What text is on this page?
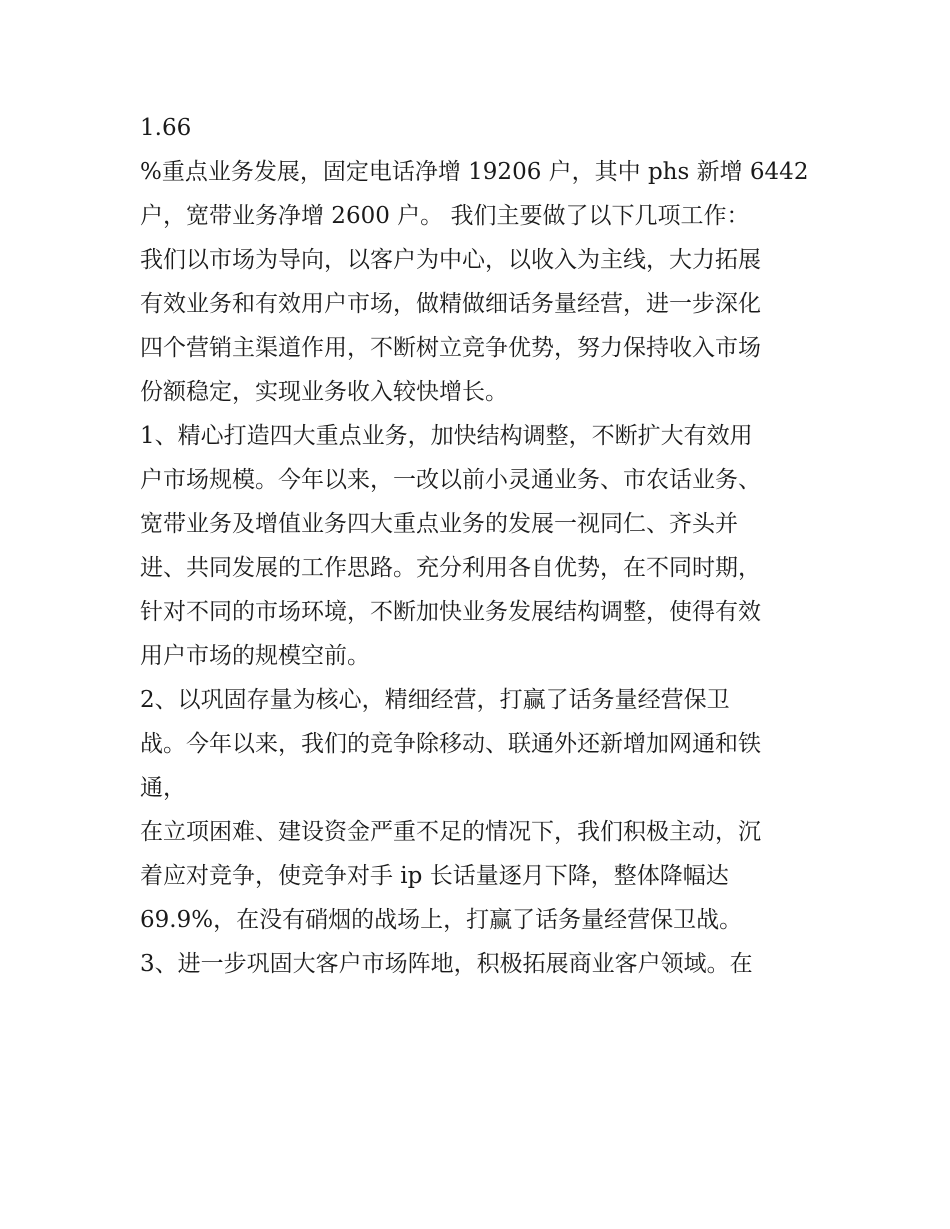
1.66
%重点业务发展，固定电话净增 19206 户，其中 phs 新增 6442
户，宽带业务净增 2600 户。 我们主要做了以下几项工作：
我们以市场为导向，以客户为中心，以收入为主线，大力拓展
有效业务和有效用户市场，做精做细话务量经营，进一步深化
四个营销主渠道作用，不断树立竞争优势，努力保持收入市场
份额稳定，实现业务收入较快增长。
1、精心打造四大重点业务，加快结构调整，不断扩大有效用
户市场规模。今年以来，一改以前小灵通业务、市农话业务、
宽带业务及增值业务四大重点业务的发展一视同仁、齐头并
进、共同发展的工作思路。充分利用各自优势，在不同时期，
针对不同的市场环境，不断加快业务发展结构调整，使得有效
用户市场的规模空前。
2、以巩固存量为核心，精细经营，打赢了话务量经营保卫
战。今年以来，我们的竞争除移动、联通外还新增加网通和铁
通，
在立项困难、建设资金严重不足的情况下，我们积极主动，沉
着应对竞争，使竞争对手 ip 长话量逐月下降，整体降幅达
69.9%，在没有硝烟的战场上，打赢了话务量经营保卫战。
3、进一步巩固大客户市场阵地，积极拓展商业客户领域。在
